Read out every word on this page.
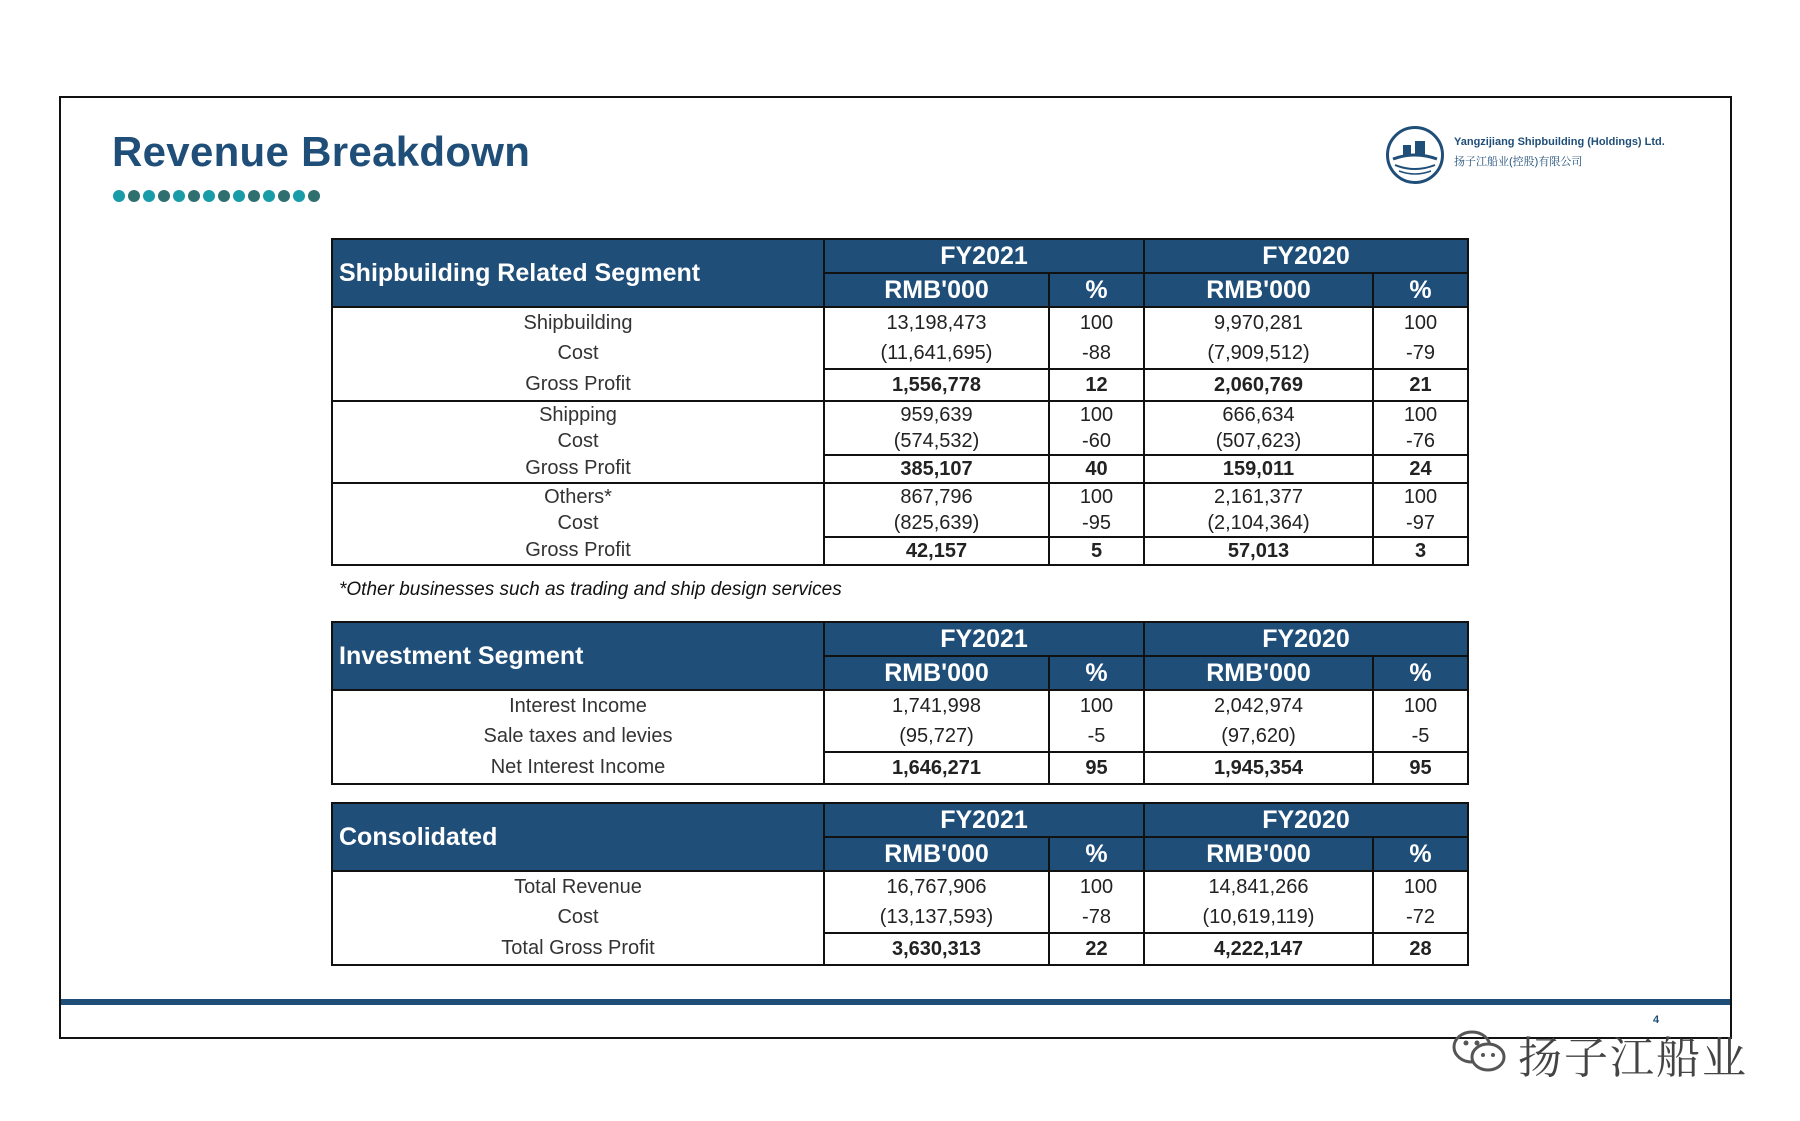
Revenue Breakdown	Yangzijiang Shipbuilding (Holdings) Ltd.
扬子江船业(控股)有限公司
Shipbuilding Related Segment	FY2021		FY2020	
	RMB'000	%	RMB'000	%
Shipbuilding	13,198,473	100	9,970,281	100
Cost	(11,641,695)	-88	(7,909,512)	-79
Gross Profit	1,556,778	12	2,060,769	21
Shipping	959,639	100	666,634	100
Cost	(574,532)	-60	(507,623)	-76
Gross Profit	385,107	40	159,011	24
Others*	867,796	100	2,161,377	100
Cost	(825,639)	-95	(2,104,364)	-97
Gross Profit	42,157	5	57,013	3
*Other businesses such as trading and ship design services
Investment Segment	FY2021		FY2020	
	RMB'000	%	RMB'000	%
Interest Income	1,741,998	100	2,042,974	100
Sale taxes and levies	(95,727)	-5	(97,620)	-5
Net Interest Income	1,646,271	95	1,945,354	95
Consolidated	FY2021		FY2020	
	RMB'000	%	RMB'000	%
Total Revenue	16,767,906	100	14,841,266	100
Cost	(13,137,593)	-78	(10,619,119)	-72
Total Gross Profit	3,630,313	22	4,222,147	28
4
扬子江船业
